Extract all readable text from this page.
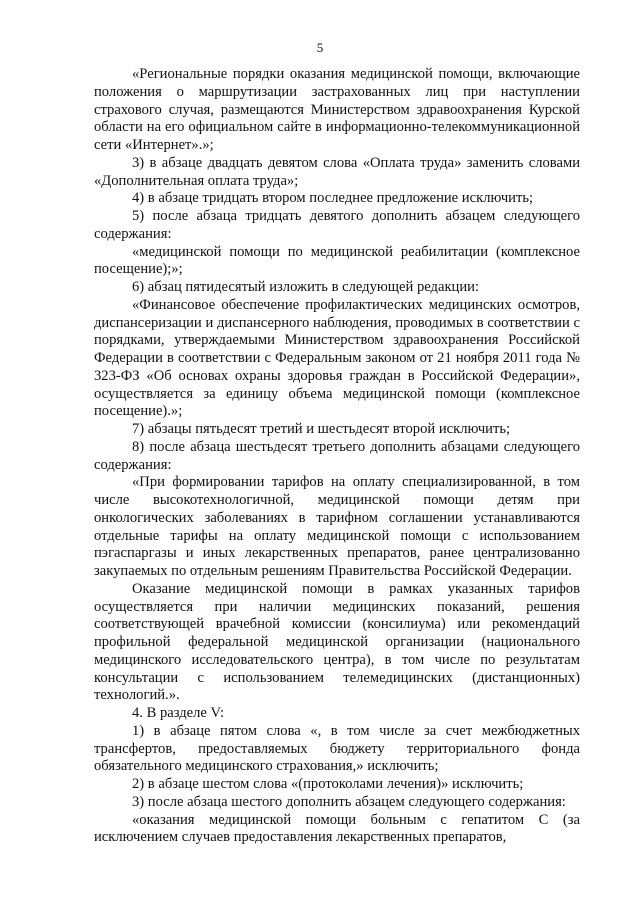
5

«Региональные порядки оказания медицинской помощи, включающие положения о маршрутизации застрахованных лиц при наступлении страхового случая, размещаются Министерством здравоохранения Курской области на его официальном сайте в информационно-телекоммуникационной сети «Интернет».»;

3) в абзаце двадцать девятом слова «Оплата труда» заменить словами «Дополнительная оплата труда»;

4) в абзаце тридцать втором последнее предложение исключить;

5) после абзаца тридцать девятого дополнить абзацем следующего содержания:

«медицинской помощи по медицинской реабилитации (комплексное посещение);»;

6) абзац пятидесятый изложить в следующей редакции:

«Финансовое обеспечение профилактических медицинских осмотров, диспансеризации и диспансерного наблюдения, проводимых в соответствии с порядками, утверждаемыми Министерством здравоохранения Российской Федерации в соответствии с Федеральным законом от 21 ноября 2011 года № 323-ФЗ «Об основах охраны здоровья граждан в Российской Федерации», осуществляется за единицу объема медицинской помощи (комплексное посещение).»;

7) абзацы пятьдесят третий и шестьдесят второй исключить;

8) после абзаца шестьдесят третьего дополнить абзацами следующего содержания:

«При формировании тарифов на оплату специализированной, в том числе высокотехнологичной, медицинской помощи детям при онкологических заболеваниях в тарифном соглашении устанавливаются отдельные тарифы на оплату медицинской помощи с использованием пэгаспаргазы и иных лекарственных препаратов, ранее централизованно закупаемых по отдельным решениям Правительства Российской Федерации.

Оказание медицинской помощи в рамках указанных тарифов осуществляется при наличии медицинских показаний, решения соответствующей врачебной комиссии (консилиума) или рекомендаций профильной федеральной медицинской организации (национального медицинского исследовательского центра), в том числе по результатам консультации с использованием телемедицинских (дистанционных) технологий.».

4. В разделе V:

1) в абзаце пятом слова «, в том числе за счет межбюджетных трансфертов, предоставляемых бюджету территориального фонда обязательного медицинского страхования,» исключить;

2) в абзаце шестом слова «(протоколами лечения)» исключить;

3) после абзаца шестого дополнить абзацем следующего содержания:

«оказания медицинской помощи больным с гепатитом С (за исключением случаев предоставления лекарственных препаратов,
